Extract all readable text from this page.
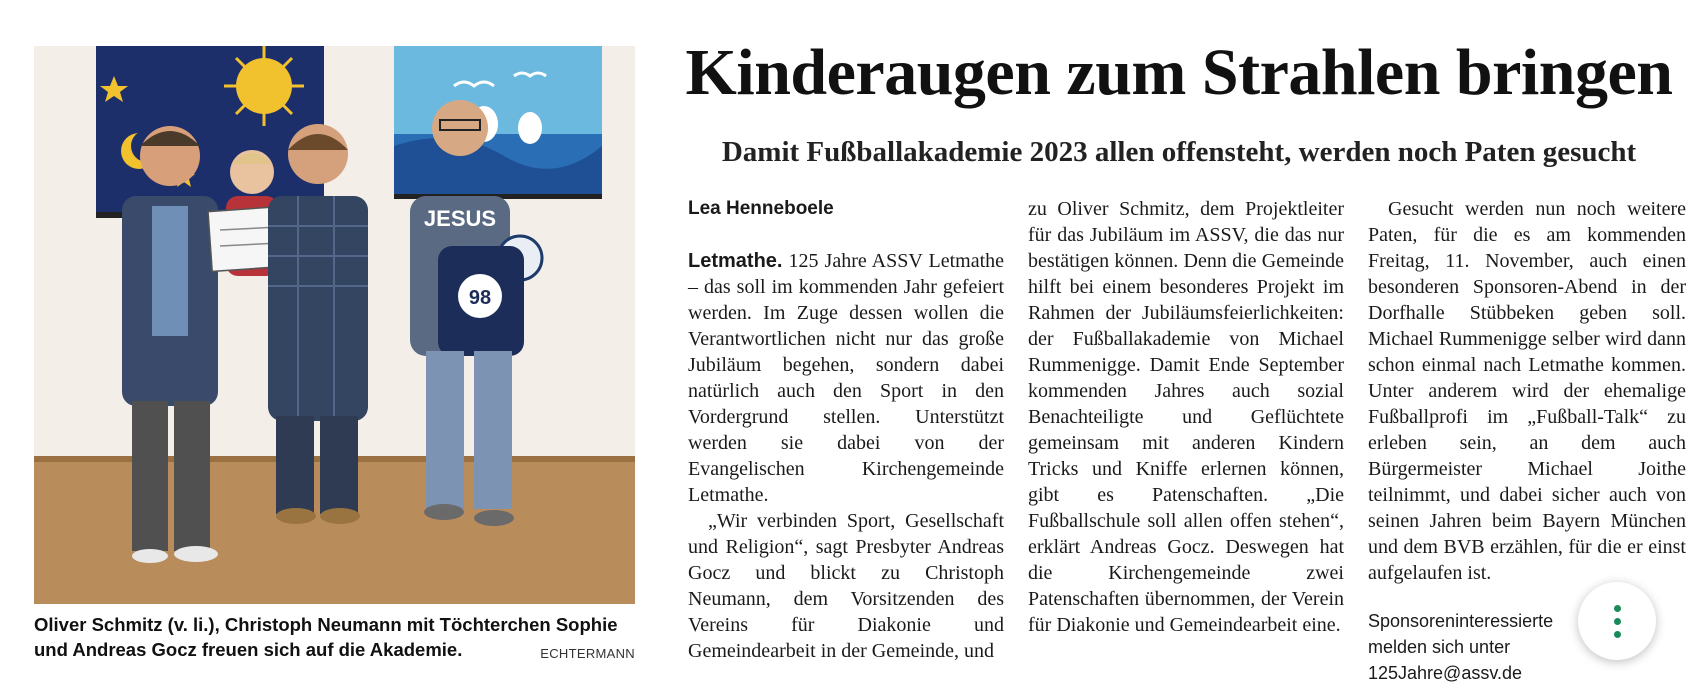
JESUS
98
Oliver Schmitz (v. li.), Christoph Neumann mit Töchterchen Sophie und Andreas Gocz freuen sich auf die Akademie.	ECHTERMANN
Kinderaugen zum Strahlen bringen
Damit Fußballakademie 2023 allen offensteht, werden noch Paten gesucht
Lea Henneboele

Letmathe. 125 Jahre ASSV Letmathe – das soll im kommenden Jahr gefeiert werden. Im Zuge dessen wollen die Verantwortlichen nicht nur das große Jubiläum begehen, sondern dabei natürlich auch den Sport in den Vordergrund stellen. Unterstützt werden sie dabei von der Evangelischen Kirchengemeinde Letmathe.

„Wir verbinden Sport, Gesellschaft und Religion“, sagt Presbyter Andreas Gocz und blickt zu Christoph Neumann, dem Vorsitzenden des Vereins für Diakonie und Gemeindearbeit in der Gemeinde, und

zu Oliver Schmitz, dem Projektleiter für das Jubiläum im ASSV, die das nur bestätigen können. Denn die Gemeinde hilft bei einem besonderes Projekt im Rahmen der Jubiläumsfeierlichkeiten: der Fußballakademie von Michael Rummenigge. Damit Ende September kommenden Jahres auch sozial Benachteiligte und Geflüchtete gemeinsam mit anderen Kindern Tricks und Kniffe erlernen können, gibt es Patenschaften. „Die Fußballschule soll allen offen stehen“, erklärt Andreas Gocz. Deswegen hat die Kirchengemeinde zwei Patenschaften übernommen, der Verein für Diakonie und Gemeindearbeit eine.

Gesucht werden nun noch weitere Paten, für die es am kommenden Freitag, 11. November, auch einen besonderen Sponsoren-Abend in der Dorfhalle Stübbeken geben soll. Michael Rummenigge selber wird dann schon einmal nach Letmathe kommen. Unter anderem wird der ehemalige Fußballprofi im „Fußball-Talk“ zu erleben sein, an dem auch Bürgermeister Michael Joithe teilnimmt, und dabei sicher auch von seinen Jahren beim Bayern München und dem BVB erzählen, für die er einst aufgelaufen ist.

Sponsoreninteressierte melden sich unter 125Jahre@assv.de
